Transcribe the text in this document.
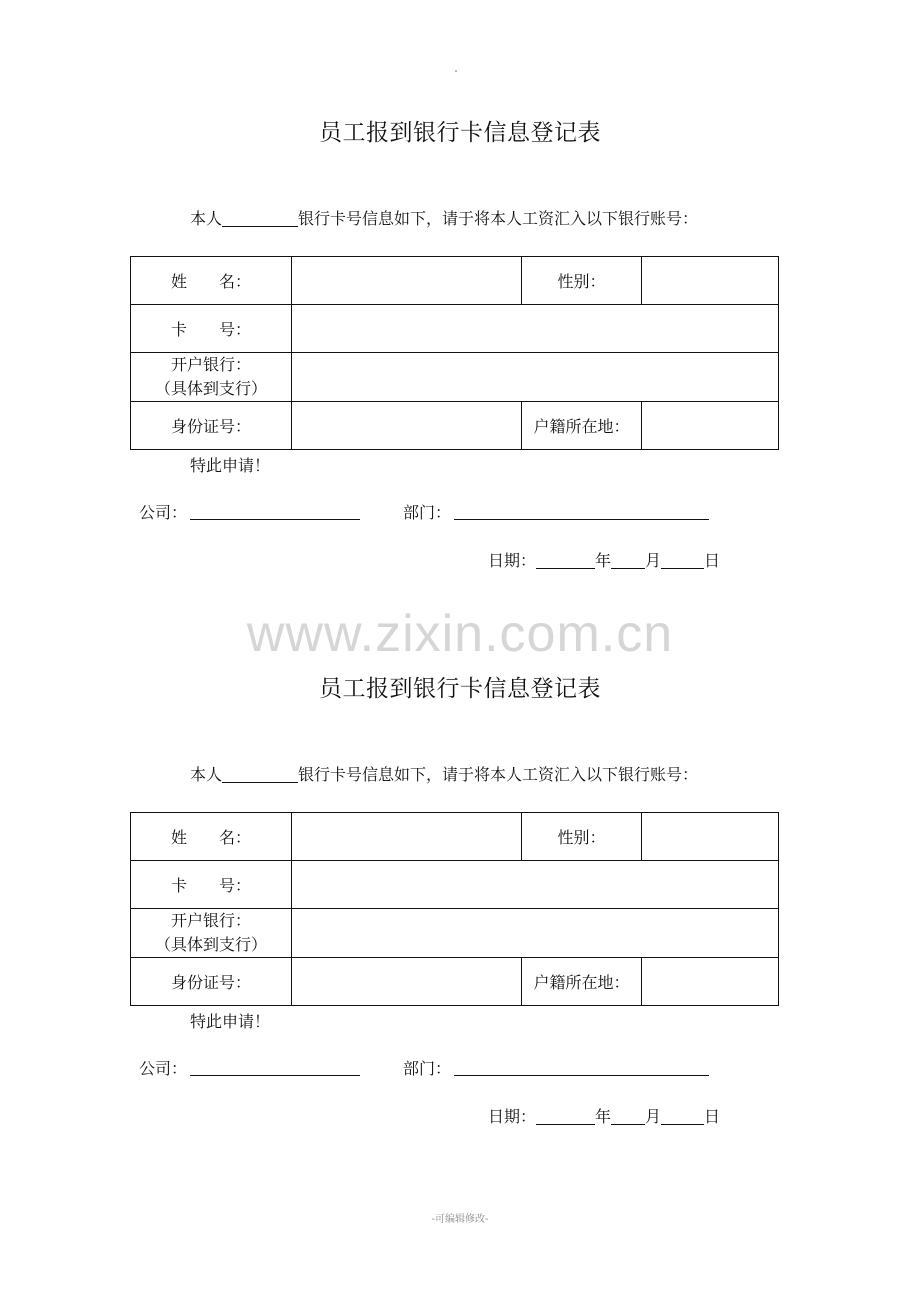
员工报到银行卡信息登记表
本人	银行卡号信息如下，请于将本人工资汇入以下银行账号：
姓　　名：		性别：	
卡　　号：			

开户银行：
（具体到支行）			

身份证号：		户籍所在地：	
特此申请！
公司：	部门：
日期：	年 月	日
www.zixin.com.cn
员工报到银行卡信息登记表
本人	银行卡号信息如下，请于将本人工资汇入以下银行账号：
姓　　名：		性别：	
卡　　号：			

开户银行：
（具体到支行）			

身份证号：		户籍所在地：	
特此申请！
公司：	部门：
日期：	年 月	日
-可编辑修改-
